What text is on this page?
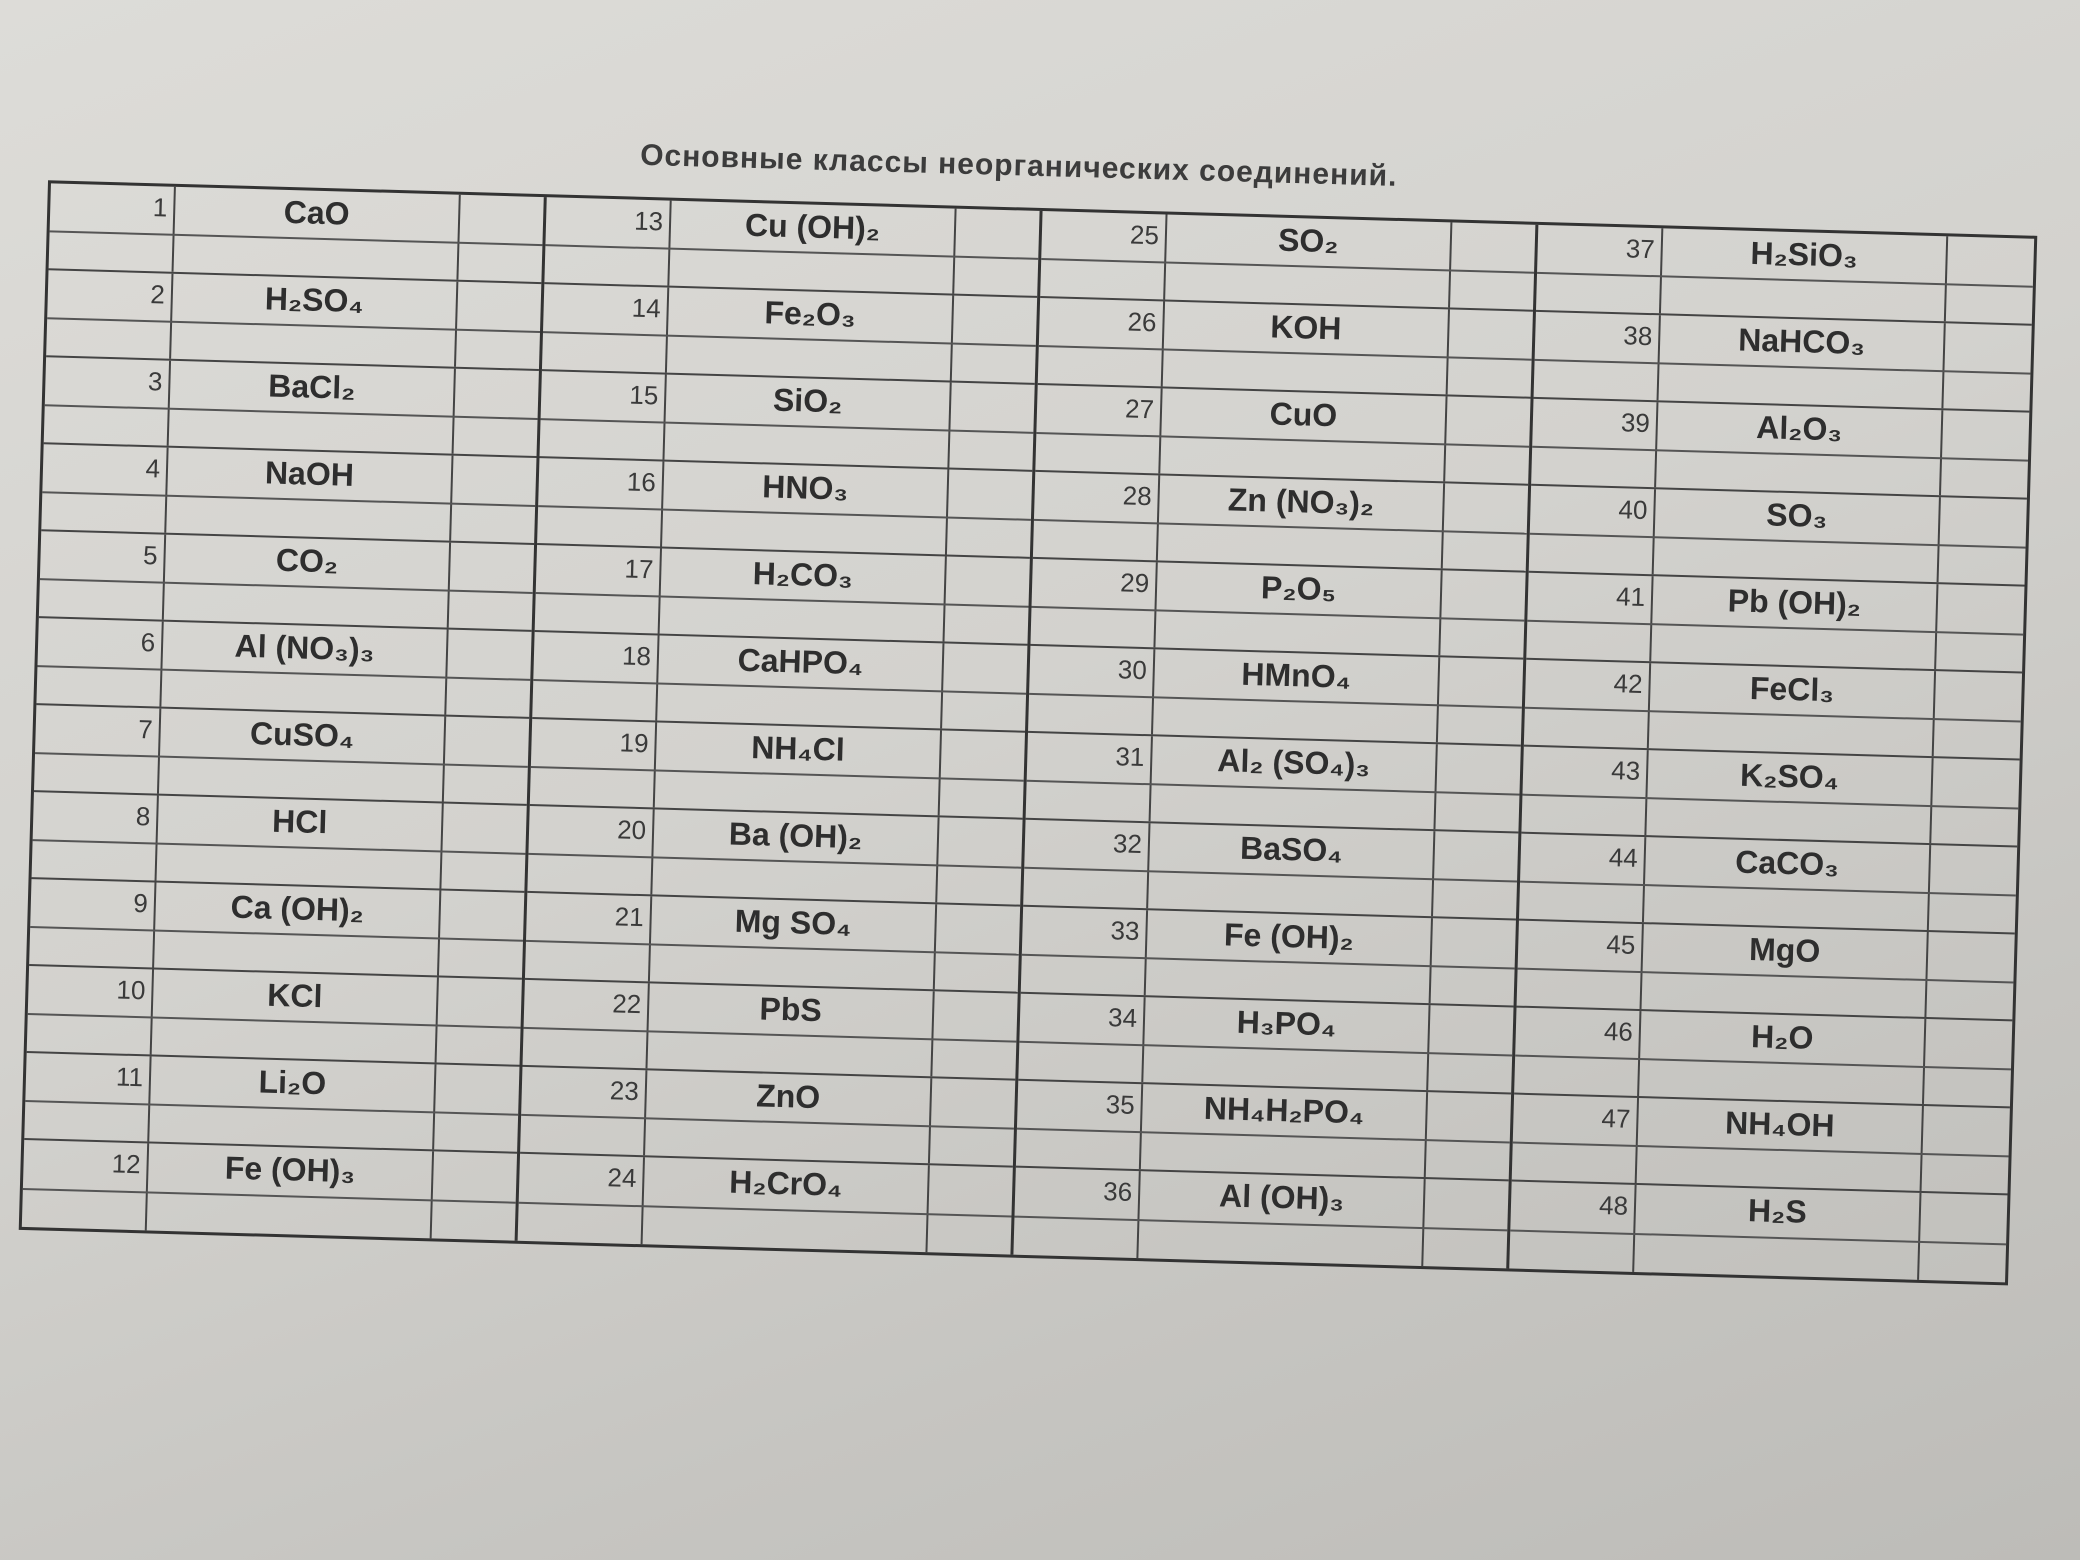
Основные классы неорганических соединений.
1	CaO
2	H₂SO₄
3	BaCl₂
4	NaOH
5	CO₂
6	Al (NO₃)₃
7	CuSO₄
8	HCl
9	Ca (OH)₂
10	KCl
11	Li₂O
12	Fe (OH)₃
13	Cu (OH)₂
14	Fe₂O₃
15	SiO₂
16	HNO₃
17	H₂CO₃
18	CaHPO₄
19	NH₄Cl
20	Ba (OH)₂
21	Mg SO₄
22	PbS
23	ZnO
24	H₂CrO₄
25	SO₂
26	KOH
27	CuO
28	Zn (NO₃)₂
29	P₂O₅
30	HMnO₄
31	Al₂ (SO₄)₃
32	BaSO₄
33	Fe (OH)₂
34	H₃PO₄
35	NH₄H₂PO₄
36	Al (OH)₃
37	H₂SiO₃
38	NaHCO₃
39	Al₂O₃
40	SO₃
41	Pb (OH)₂
42	FeCl₃
43	K₂SO₄
44	CaCO₃
45	MgO
46	H₂O
47	NH₄OH
48	H₂S
